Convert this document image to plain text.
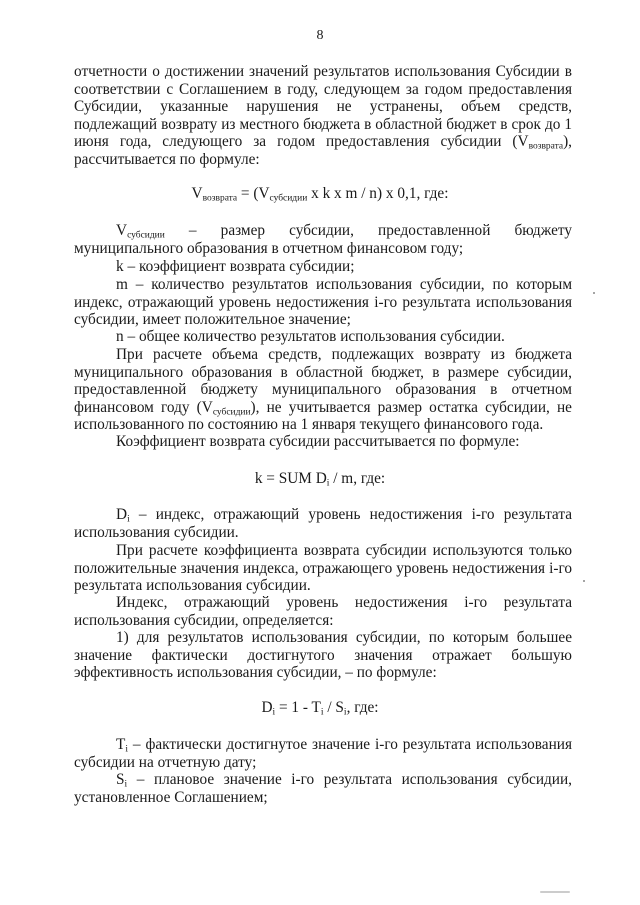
8

отчетности о достижении значений результатов использования Субсидии в соответствии с Соглашением в году, следующем за годом предоставления Субсидии, указанные нарушения не устранены, объем средств, подлежащий возврату из местного бюджета в областной бюджет в срок до 1 июня года, следующего за годом предоставления субсидии $(V_{возврата})$, рассчитывается по формуле:

$V_{возврата} = (V_{субсидии}$ x k x m / n) x 0,1, где:

$V_{субсидии}$ – размер субсидии, предоставленной бюджету муниципального образования в отчетном финансовом году;

k – коэффициент возврата субсидии;

m – количество результатов использования субсидии, по которым индекс, отражающий уровень недостижения i-го результата использования субсидии, имеет положительное значение;

n – общее количество результатов использования субсидии.

При расчете объема средств, подлежащих возврату из бюджета муниципального образования в областной бюджет, в размере субсидии, предоставленной бюджету муниципального образования в отчетном финансовом году $(V_{субсидии})$, не учитывается размер остатка субсидии, не использованного по состоянию на 1 января текущего финансового года.

Коэффициент возврата субсидии рассчитывается по формуле:

k = SUM $D_i$ / m, где:

$D_i$ – индекс, отражающий уровень недостижения i-го результата использования субсидии.

При расчете коэффициента возврата субсидии используются только положительные значения индекса, отражающего уровень недостижения i-го результата использования субсидии.

Индекс, отражающий уровень недостижения i-го результата использования субсидии, определяется:

1) для результатов использования субсидии, по которым большее значение фактически достигнутого значения отражает большую эффективность использования субсидии, – по формуле:

$D_i = 1 - T_i / S_i$, где:

$T_i$ – фактически достигнутое значение i-го результата использования субсидии на отчетную дату;

$S_i$ – плановое значение i-го результата использования субсидии, установленное Соглашением;
